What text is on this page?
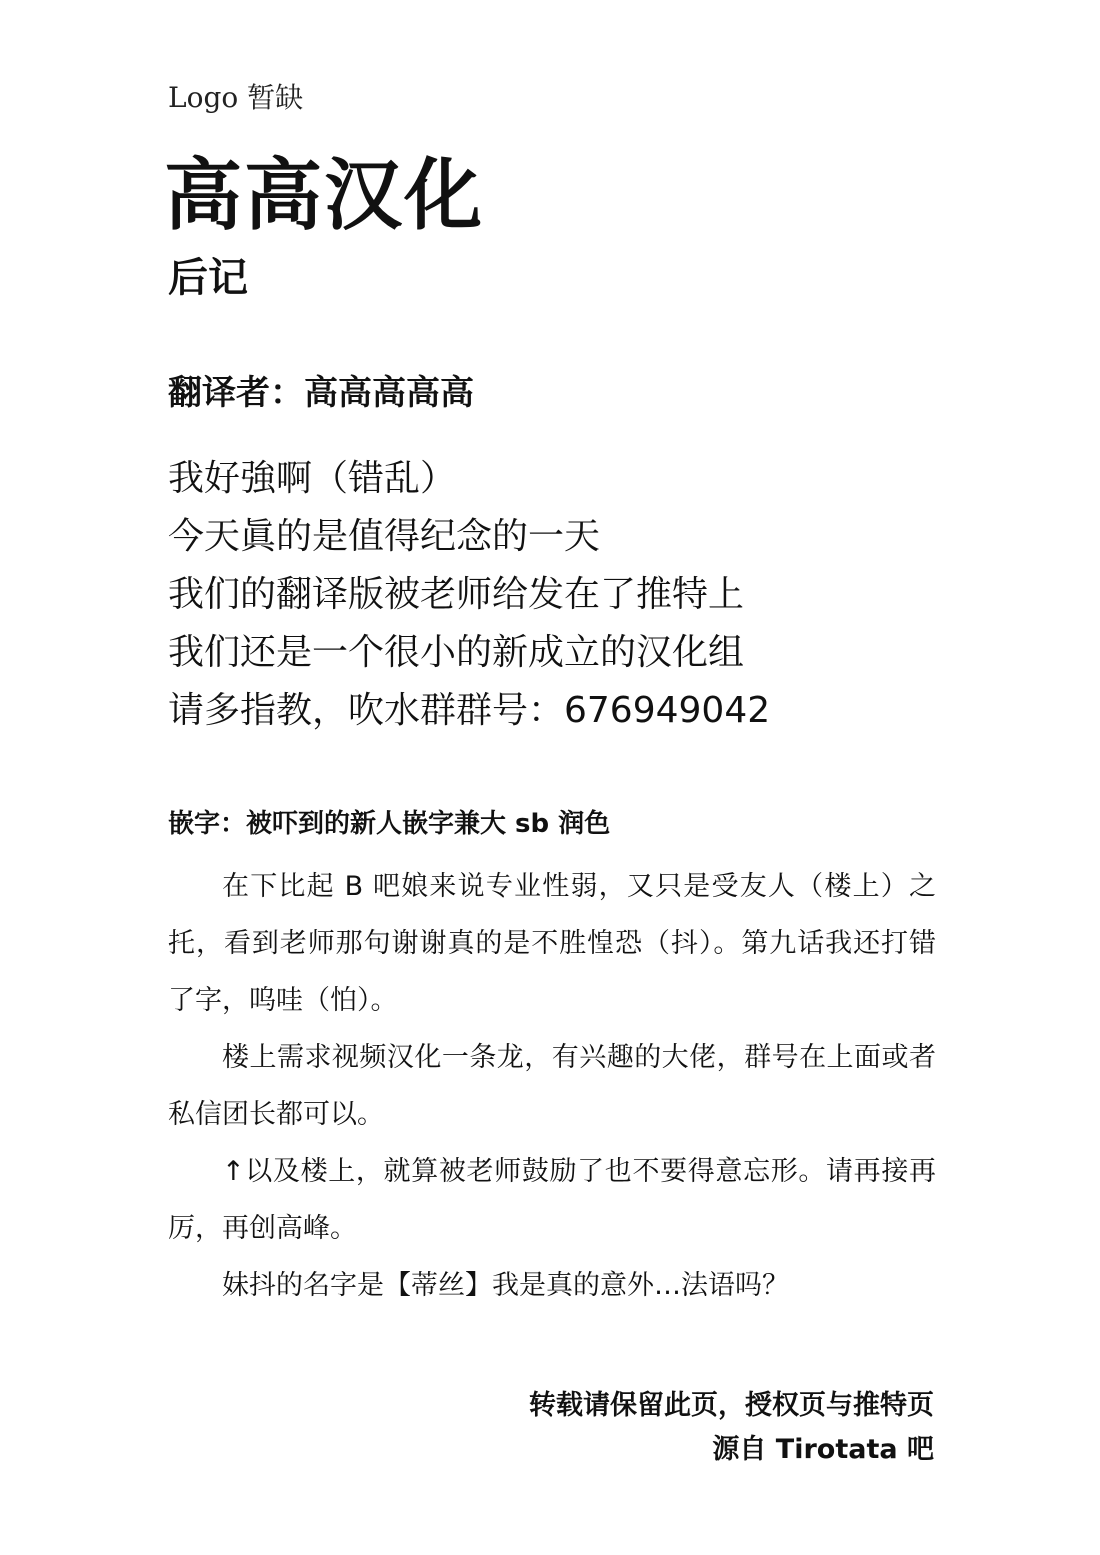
Logo 暂缺
高高汉化
后记
翻译者：高高高高高
我好強啊（错乱）
今天眞的是值得纪念的一天
我们的翻译版被老师给发在了推特上
我们还是一个很小的新成立的汉化组
请多指教，吹水群群号：676949042
嵌字：被吓到的新人嵌字兼大 sb 润色

在下比起 B 吧娘来说专业性弱，又只是受友人（楼上）之托，看到老师那句谢谢真的是不胜惶恐（抖）。第九话我还打错了字，呜哇（怕）。

楼上需求视频汉化一条龙，有兴趣的大佬，群号在上面或者私信团长都可以。

↑以及楼上，就算被老师鼓励了也不要得意忘形。请再接再厉，再创高峰。

妹抖的名字是【蒂丝】我是真的意外…法语吗？

转载请保留此页，授权页与推特页
源自 Tirotata 吧
